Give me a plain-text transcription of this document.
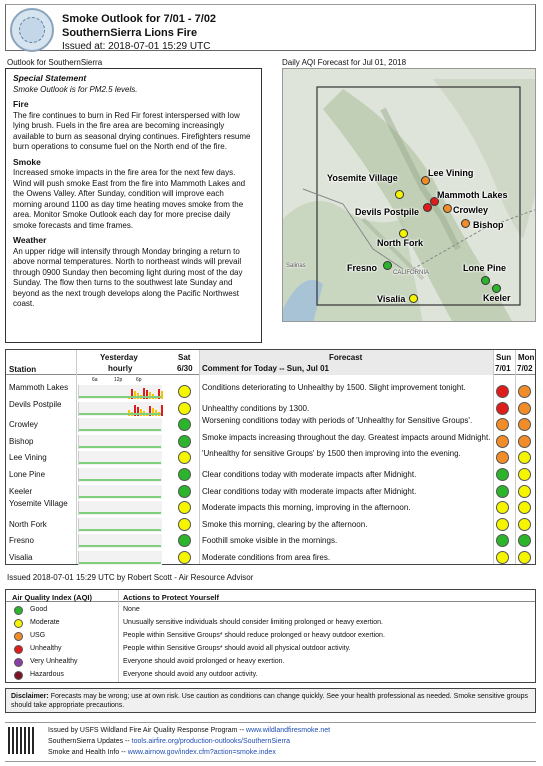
Smoke Outlook for 7/01 - 7/02
SouthernSierra Lions Fire
Issued at: 2018-07-01 15:29 UTC
Outlook for SouthernSierra

Special Statement
Smoke Outlook is for PM2.5 levels.

Fire
The fire continues to burn in Red Fir forest interspersed with low lying brush. Fuels in the fire area are becoming increasingly available to burn as seasonal drying continues. Firefighters resume burn operations to consume fuel on the North end of the fire.

Smoke
Increased smoke impacts in the fire area for the next few days. Wind will push smoke East from the fire into Mammoth Lakes and the Owens Valley. After Sunday, condition will improve each morning around 1100 as day time heating moves smoke from the area. Monitor Smoke Outlook each day for more precise daily smoke forecasts and time frames.

Weather
An upper ridge will intensify through Monday bringing a return to above normal temperatures. North to northeast winds will prevail through 0900 Sunday then becoming light during most of the day Sunday. The flow then turns to the southwest late Sunday and beyond as the next trough develops along the Pacific Northwest coast.

Daily AQI Forecast for Jul 01, 2018
CALIFORNIA
Salinas
Yosemite Village	Lee Vining
Mammoth Lakes
Devils Postpile	Crowley
Bishop
North Fork
Fresno	Lone Pine
Keeler
Visalia
Station
Yesterday
hourly
Sat
6/30
Forecast
Comment for Today -- Sun, Jul 01
Sun
7/01
Mon
7/02
6a	12p	6p
Mammoth Lakes	Conditions deteriorating to Unhealthy by 1500. Slight improvement tonight.
Devils Postpile	Unhealthy conditions by 1300.
Crowley	Worsening conditions today with periods of 'Unhealthy for Sensitive Groups'.
Bishop	Smoke impacts increasing throughout the day. Greatest impacts around Midnight.
Lee Vining	'Unhealthy for sensitive Groups' by 1500 then improving into the evening.
Lone Pine	Clear conditions today with moderate impacts after Midnight.
Keeler	Clear conditions today with moderate impacts after Midnight.
Yosemite Village	Moderate impacts this morning, improving in the afternoon.
North Fork	Smoke this morning, clearing by the afternoon.
Fresno	Foothill smoke visible in the mornings.
Visalia	Moderate conditions from area fires.
Issued 2018-07-01 15:29 UTC by Robert Scott - Air Resource Advisor
Air Quality Index (AQI)	Actions to Protect Yourself
Good	None
Moderate	Unusually sensitive individuals should consider limiting prolonged or heavy exertion.
USG	People within Sensitive Groups* should reduce prolonged or heavy outdoor exertion.
Unhealthy	People within Sensitive Groups* should avoid all physical outdoor activity.
Very Unhealthy	Everyone should avoid prolonged or heavy exertion.
Hazardous	Everyone should avoid any outdoor activity.
Disclaimer: Forecasts may be wrong; use at own risk. Use caution as conditions can change quickly. See your health professional as needed. Smoke sensitive groups should take appropriate precautions.
Issued by USFS Wildland Fire Air Quality Response Program -- www.wildlandfiresmoke.net
SouthernSierra Updates -- tools.airfire.org/production-outlooks/SouthernSierra
Smoke and Health Info -- www.airnow.gov/index.cfm?action=smoke.index
